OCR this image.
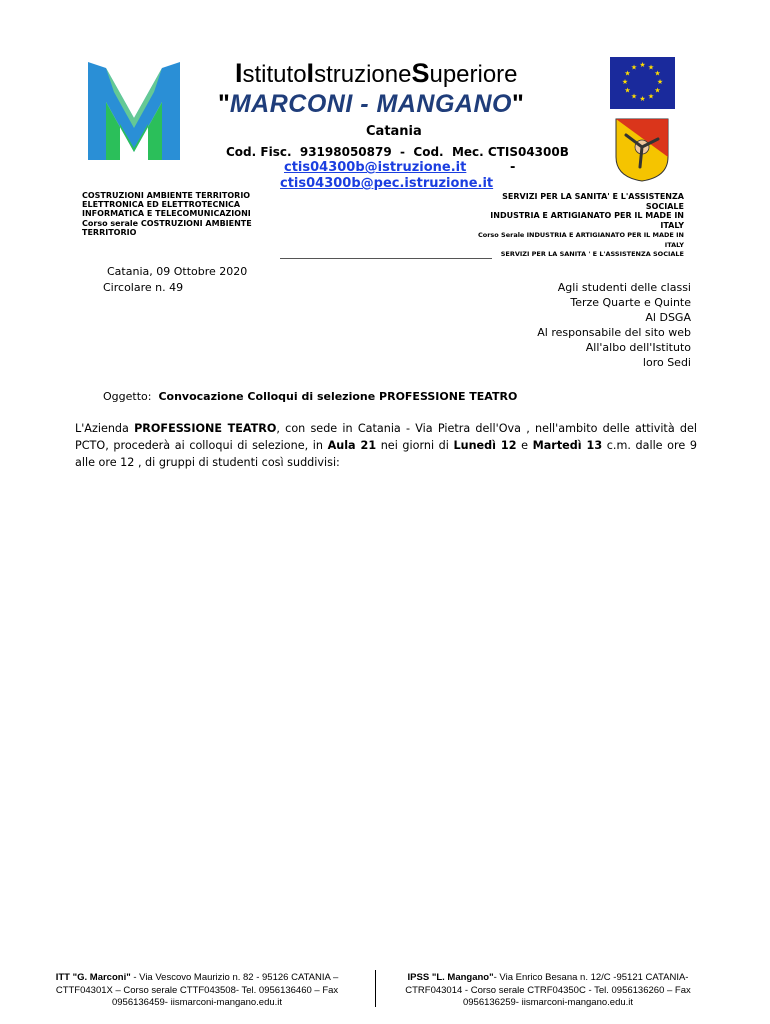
IstitutoIstruzioneSuperiore
"MARCONI - MANGANO"
Catania
Cod. Fisc.  93198050879  -  Cod.  Mec. CTIS04300B
ctis04300b@istruzione.it	-
ctis04300b@pec.istruzione.it
★ ★
★
★
★
★
★
★
★
★
★
★
COSTRUZIONI AMBIENTE TERRITORIO
ELETTRONICA ED ELETTROTECNICA
INFORMATICA E TELECOMUNICAZIONI
Corso serale COSTRUZIONI AMBIENTE
TERRITORIO
SERVIZI PER LA SANITA' E L'ASSISTENZA
SOCIALE
INDUSTRIA E ARTIGIANATO PER IL MADE IN
ITALY
Corso Serale INDUSTRIA E ARTIGIANATO PER IL MADE IN
ITALY
SERVIZI PER LA SANITA ' E L'ASSISTENZA SOCIALE
Catania, 09 Ottobre 2020
Circolare n. 49	Agli studenti delle classi
Terze Quarte e Quinte
Al DSGA
Al responsabile del sito web
All'albo dell'Istituto
loro Sedi
Oggetto: Convocazione Colloqui di selezione PROFESSIONE TEATRO
L'Azienda PROFESSIONE TEATRO, con sede in Catania - Via Pietra dell'Ova , nell'ambito delle attività del PCTO, procederà ai colloqui di selezione, in Aula 21 nei giorni di Lunedì 12 e Martedì 13 c.m. dalle ore 9 alle ore 12 , di gruppi di studenti così suddivisi:
ITT "G. Marconi" - Via Vescovo Maurizio n. 82 - 95126 CATANIA – CTTF04301X – Corso serale CTTF043508- Tel. 0956136460 – Fax 0956136459- iismarconi-mangano.edu.it
IPSS "L. Mangano"- Via Enrico Besana n. 12/C -95121 CATANIA-CTRF043014 - Corso serale CTRF04350C - Tel. 0956136260 – Fax 0956136259- iismarconi-mangano.edu.it
